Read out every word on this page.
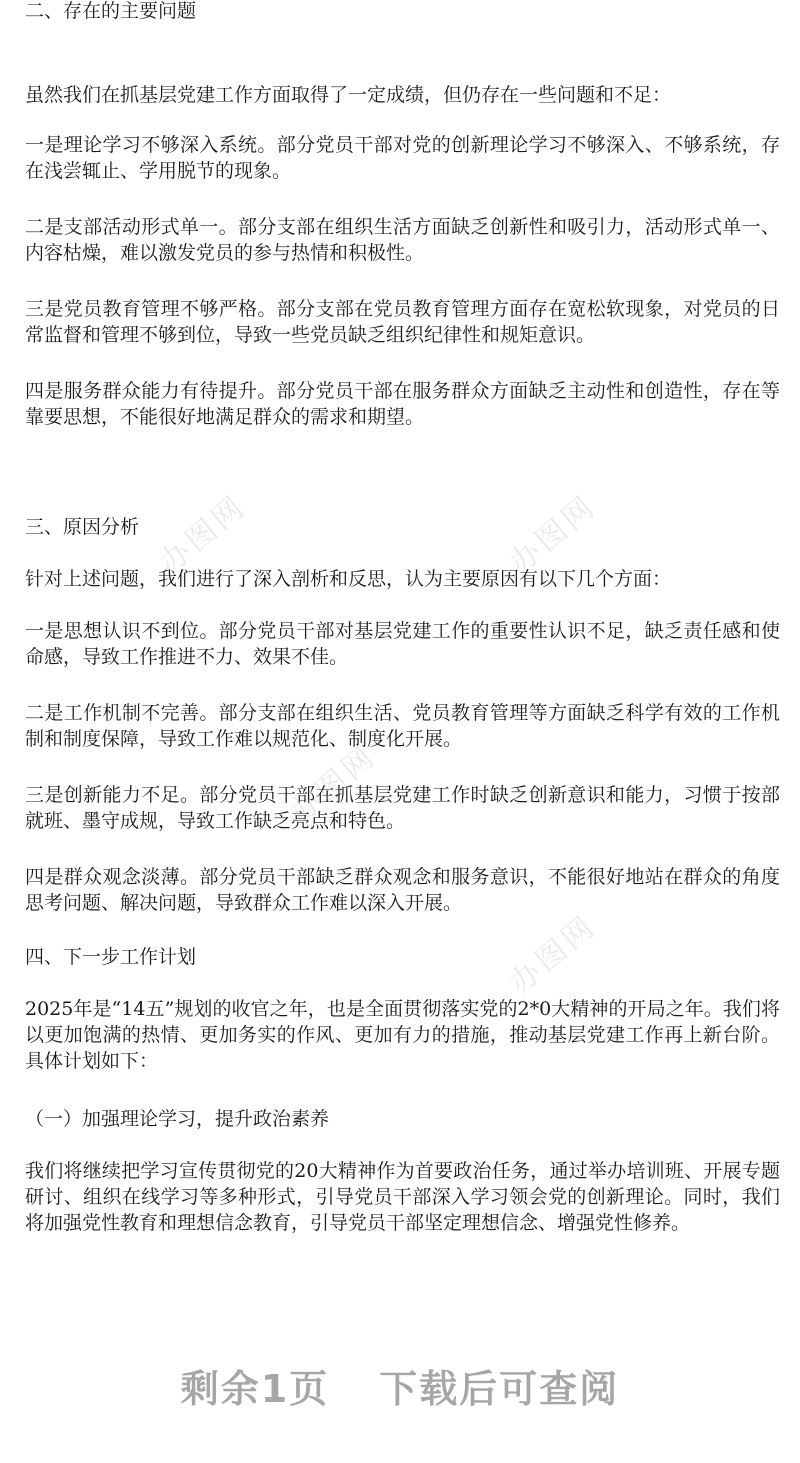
二、存在的主要问题

虽然我们在抓基层党建工作方面取得了一定成绩，但仍存在一些问题和不足：

一是理论学习不够深入系统。部分党员干部对党的创新理论学习不够深入、不够系统，存在浅尝辄止、学用脱节的现象。

二是支部活动形式单一。部分支部在组织生活方面缺乏创新性和吸引力，活动形式单一、内容枯燥，难以激发党员的参与热情和积极性。

三是党员教育管理不够严格。部分支部在党员教育管理方面存在宽松软现象，对党员的日常监督和管理不够到位，导致一些党员缺乏组织纪律性和规矩意识。

四是服务群众能力有待提升。部分党员干部在服务群众方面缺乏主动性和创造性，存在等靠要思想，不能很好地满足群众的需求和期望。

三、原因分析

针对上述问题，我们进行了深入剖析和反思，认为主要原因有以下几个方面：

一是思想认识不到位。部分党员干部对基层党建工作的重要性认识不足，缺乏责任感和使命感，导致工作推进不力、效果不佳。

二是工作机制不完善。部分支部在组织生活、党员教育管理等方面缺乏科学有效的工作机制和制度保障，导致工作难以规范化、制度化开展。

三是创新能力不足。部分党员干部在抓基层党建工作时缺乏创新意识和能力，习惯于按部就班、墨守成规，导致工作缺乏亮点和特色。

四是群众观念淡薄。部分党员干部缺乏群众观念和服务意识，不能很好地站在群众的角度思考问题、解决问题，导致群众工作难以深入开展。

四、下一步工作计划

2025年是“14五”规划的收官之年，也是全面贯彻落实党的2*0大精神的开局之年。我们将以更加饱满的热情、更加务实的作风、更加有力的措施，推动基层党建工作再上新台阶。具体计划如下：

（一）加强理论学习，提升政治素养

我们将继续把学习宣传贯彻党的20大精神作为首要政治任务，通过举办培训班、开展专题研讨、组织在线学习等多种形式，引导党员干部深入学习领会党的创新理论。同时，我们将加强党性教育和理想信念教育，引导党员干部坚定理想信念、增强党性修养。

办图网	办图网
办图网
办图网
剩余1页 下载后可查阅
